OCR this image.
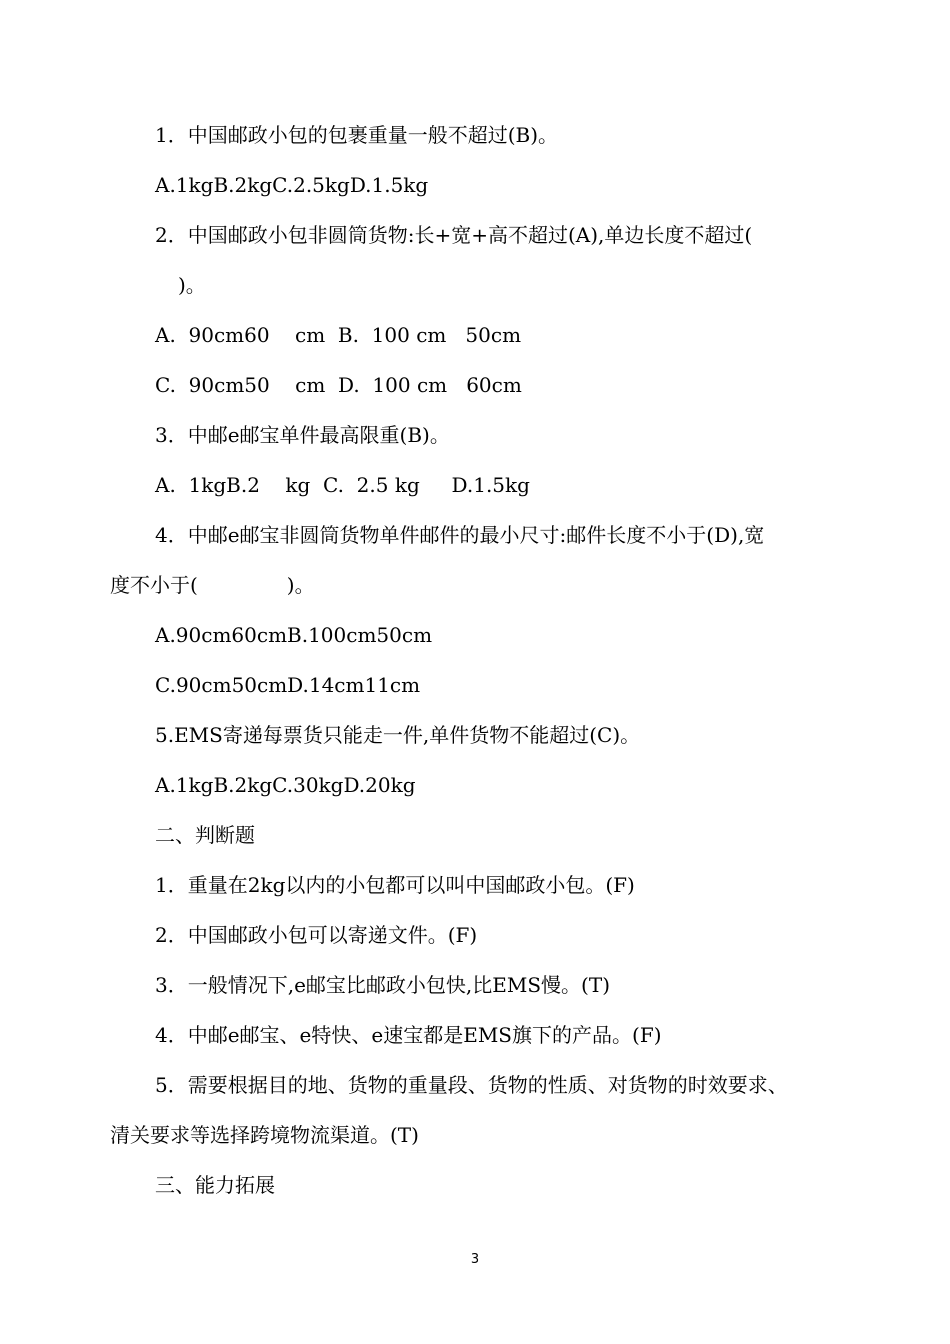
1．中国邮政小包的包裹重量一般不超过(B)。

A.1kgB.2kgC.2.5kgD.1.5kg

2．中国邮政小包非圆筒货物:长+宽+高不超过(A),单边长度不超过(

)。

A.  90cm60    cm  B.  100 cm   50cm

C.  90cm50    cm  D.  100 cm   60cm

3．中邮e邮宝单件最高限重(B)。

A.  1kgB.2    kg  C.  2.5 kg     D.1.5kg

4．中邮e邮宝非圆筒货物单件邮件的最小尺寸:邮件长度不小于(D),宽

度不小于(              )。

A.90cm60cmB.100cm50cm

C.90cm50cmD.14cm11cm

5.EMS寄递每票货只能走一件,单件货物不能超过(C)。

A.1kgB.2kgC.30kgD.20kg

二、判断题

1．重量在2kg以内的小包都可以叫中国邮政小包。(F)

2．中国邮政小包可以寄递文件。(F)

3．一般情况下,e邮宝比邮政小包快,比EMS慢。(T)

4．中邮e邮宝、e特快、e速宝都是EMS旗下的产品。(F)

5．需要根据目的地、货物的重量段、货物的性质、对货物的时效要求、

清关要求等选择跨境物流渠道。(T)

三、能力拓展

3
